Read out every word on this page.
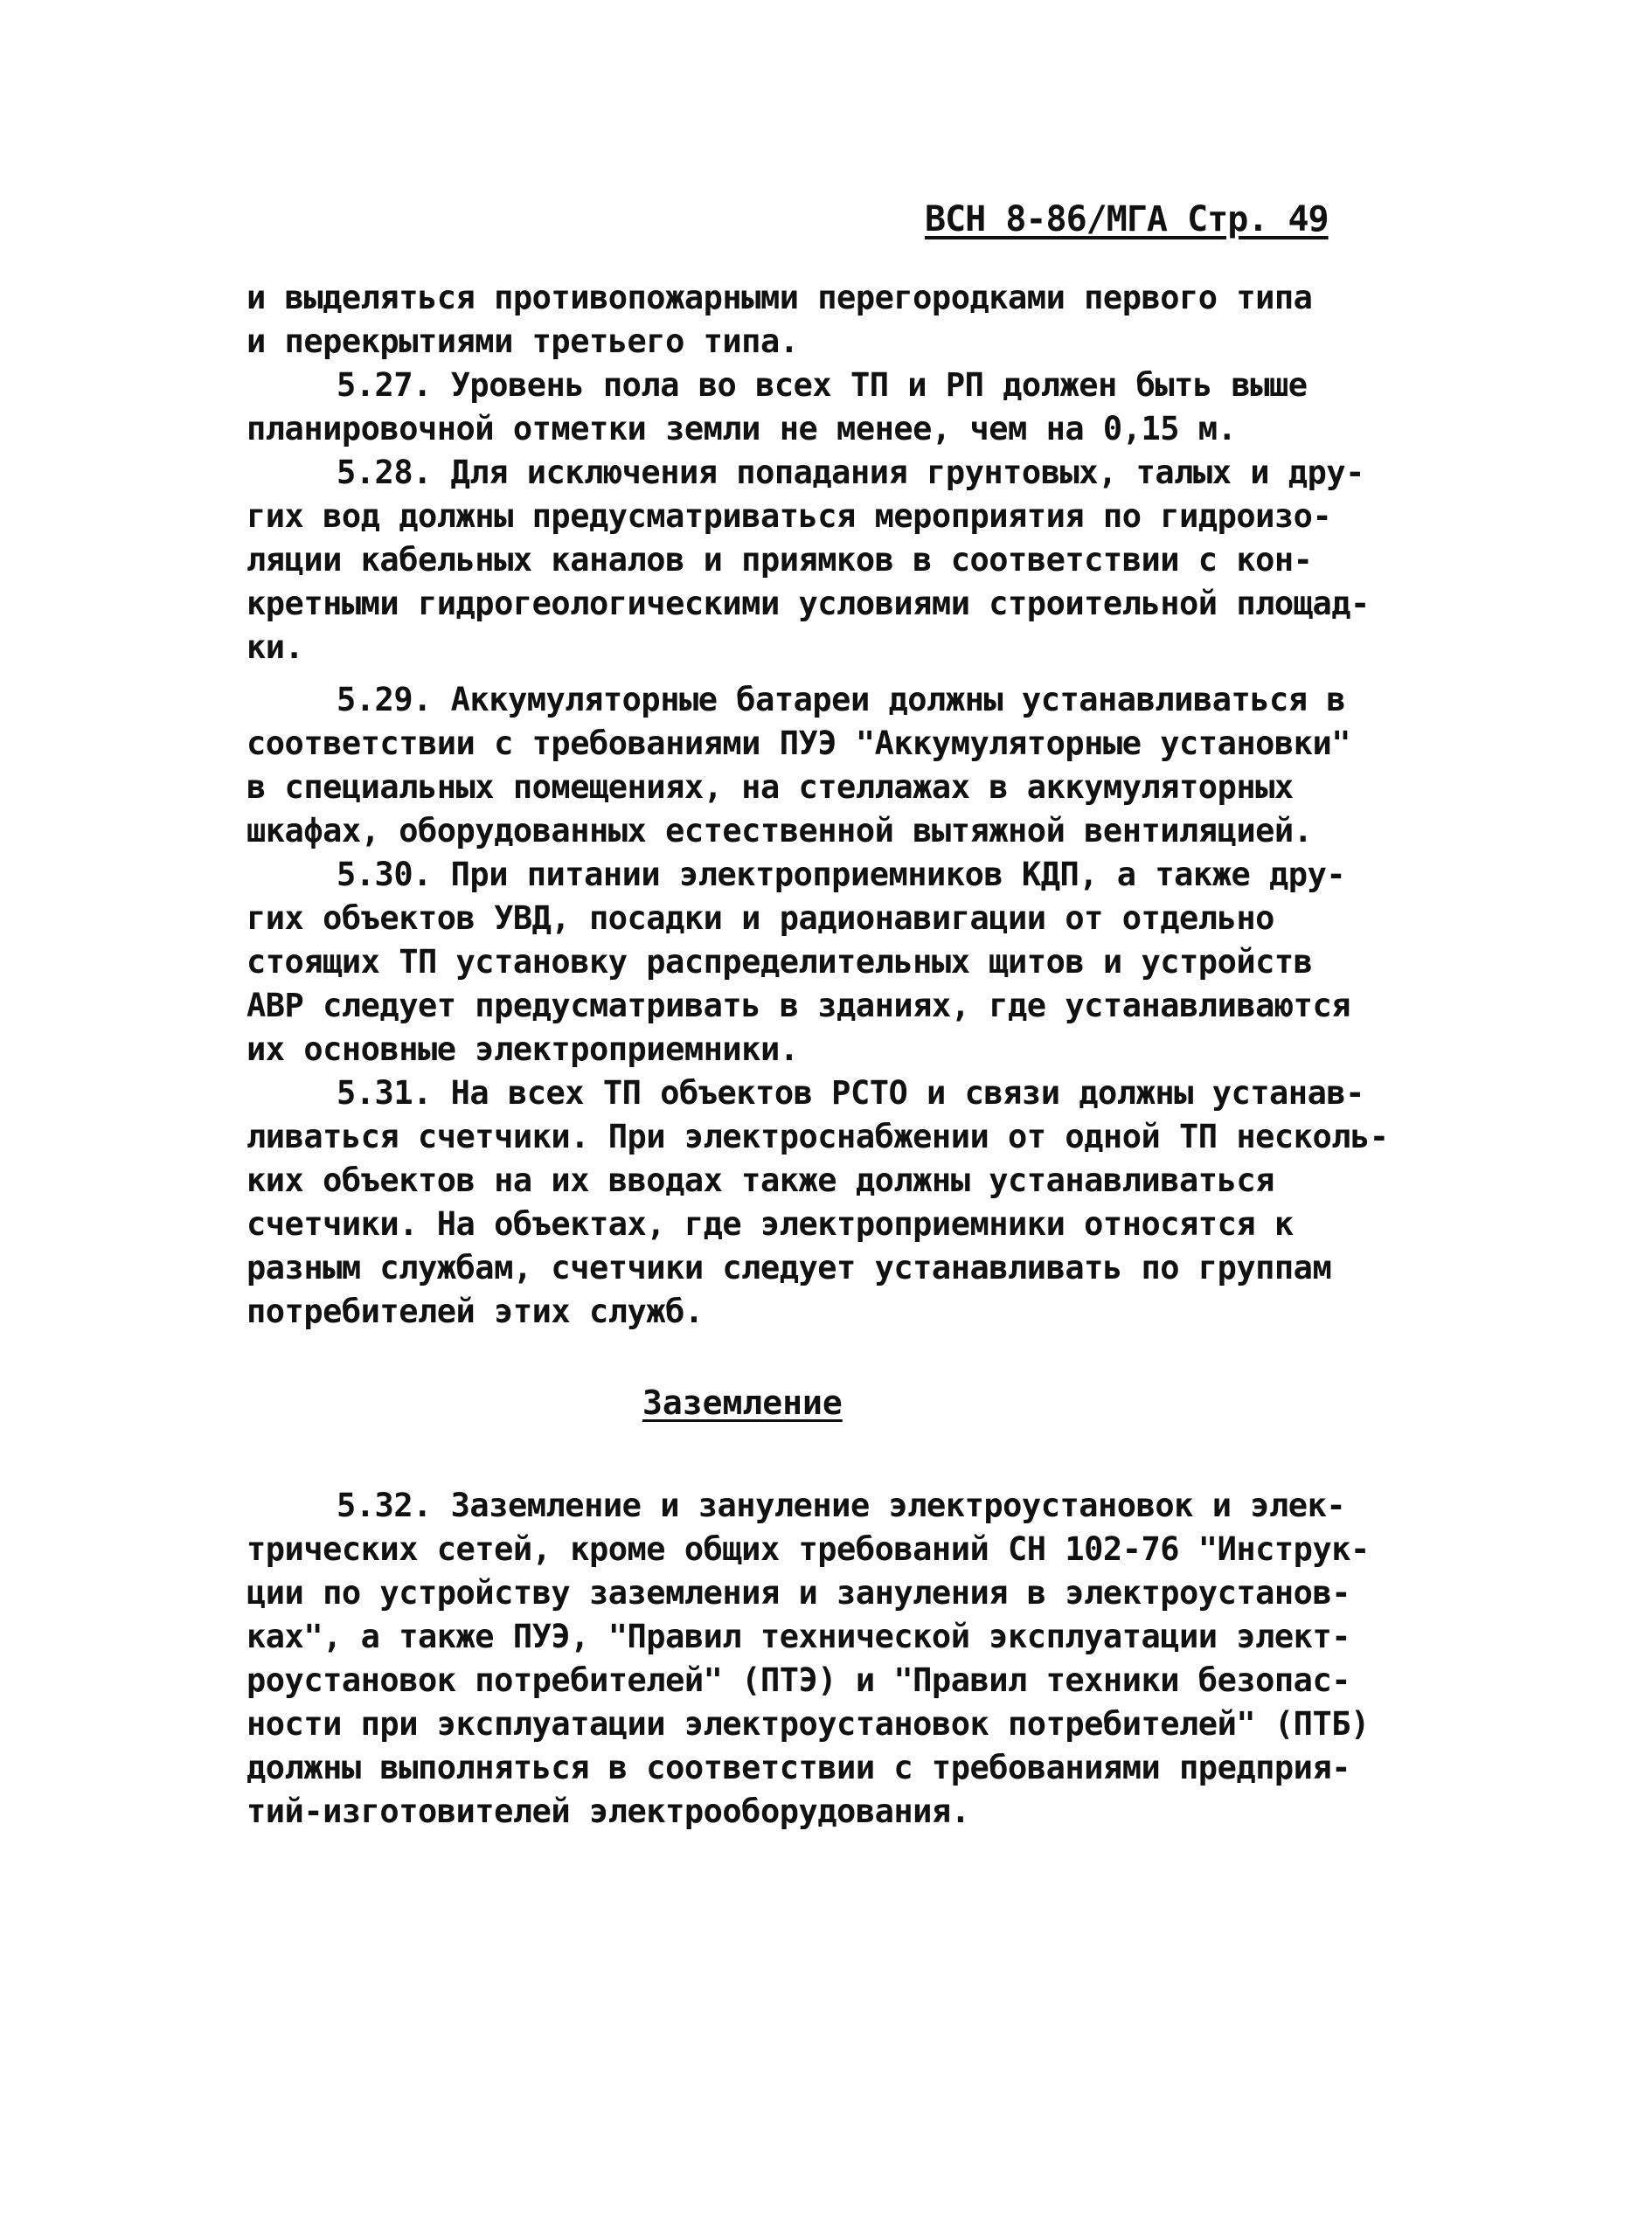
ВСН 8-86/МГА Стр. 49
и выделяться противопожарными перегородками первого типа
и перекрытиями третьего типа.
5.27. Уровень пола во всех ТП и РП должен быть выше
планировочной отметки земли не менее, чем на 0,15 м.
5.28. Для исключения попадания грунтовых, талых и дру-
гих вод должны предусматриваться мероприятия по гидроизо-
ляции кабельных каналов и приямков в соответствии с кон-
кретными гидрогеологическими условиями строительной площад-
ки.
5.29. Аккумуляторные батареи должны устанавливаться в
соответствии с требованиями ПУЭ "Аккумуляторные установки"
в специальных помещениях, на стеллажах в аккумуляторных
шкафах, оборудованных естественной вытяжной вентиляцией.
5.30. При питании электроприемников КДП, а также дру-
гих объектов УВД, посадки и радионавигации от отдельно
стоящих ТП установку распределительных щитов и устройств
АВР следует предусматривать в зданиях, где устанавливаются
их основные электроприемники.
5.31. На всех ТП объектов РСТО и связи должны устанав-
ливаться счетчики. При электроснабжении от одной ТП несколь-
ких объектов на их вводах также должны устанавливаться
счетчики. На объектах, где электроприемники относятся к
разным службам, счетчики следует устанавливать по группам
потребителей этих служб.
Заземление
5.32. Заземление и зануление электроустановок и элек-
трических сетей, кроме общих требований СН 102-76 "Инструк-
ции по устройству заземления и зануления в электроустанов-
ках", а также ПУЭ, "Правил технической эксплуатации элект-
роустановок потребителей" (ПТЭ) и "Правил техники безопас-
ности при эксплуатации электроустановок потребителей" (ПТБ)
должны выполняться в соответствии с требованиями предприя-
тий-изготовителей электрооборудования.
